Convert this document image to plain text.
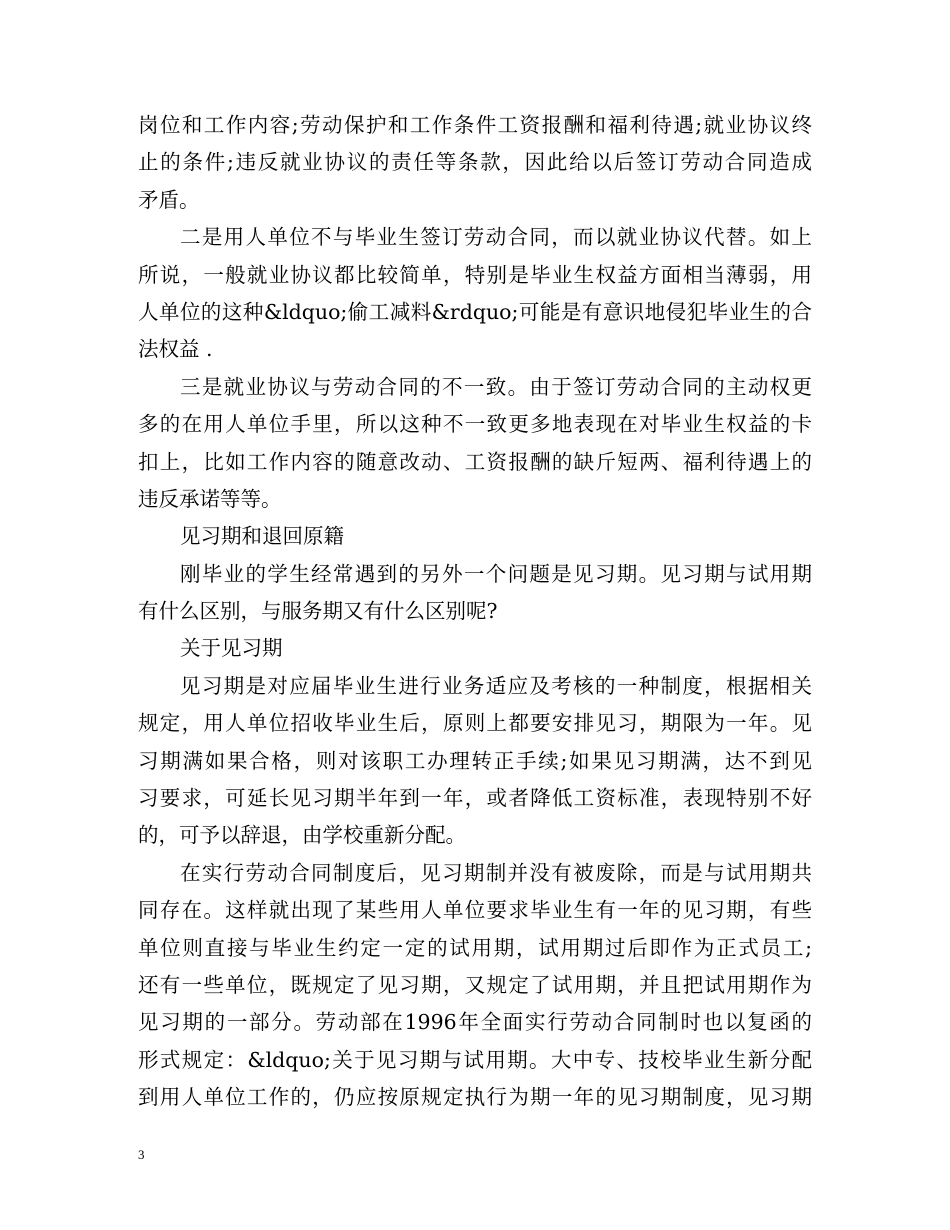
岗位和工作内容;劳动保护和工作条件工资报酬和福利待遇;就业协议终
止的条件;违反就业协议的责任等条款，因此给以后签订劳动合同造成
矛盾。
二是用人单位不与毕业生签订劳动合同，而以就业协议代替。如上
所说，一般就业协议都比较简单，特别是毕业生权益方面相当薄弱，用
人单位的这种&ldquo;偷工减料&rdquo;可能是有意识地侵犯毕业生的合
法权益 .
三是就业协议与劳动合同的不一致。由于签订劳动合同的主动权更
多的在用人单位手里，所以这种不一致更多地表现在对毕业生权益的卡
扣上，比如工作内容的随意改动、工资报酬的缺斤短两、福利待遇上的
违反承诺等等。
见习期和退回原籍
刚毕业的学生经常遇到的另外一个问题是见习期。见习期与试用期
有什么区别，与服务期又有什么区别呢?
关于见习期
见习期是对应届毕业生进行业务适应及考核的一种制度，根据相关
规定，用人单位招收毕业生后，原则上都要安排见习，期限为一年。见
习期满如果合格，则对该职工办理转正手续;如果见习期满，达不到见
习要求，可延长见习期半年到一年，或者降低工资标准，表现特别不好
的，可予以辞退，由学校重新分配。
在实行劳动合同制度后，见习期制并没有被废除，而是与试用期共
同存在。这样就出现了某些用人单位要求毕业生有一年的见习期，有些
单位则直接与毕业生约定一定的试用期，试用期过后即作为正式员工;
还有一些单位，既规定了见习期，又规定了试用期，并且把试用期作为
见习期的一部分。劳动部在1996年全面实行劳动合同制时也以复函的
形式规定：&ldquo;关于见习期与试用期。大中专、技校毕业生新分配
到用人单位工作的，仍应按原规定执行为期一年的见习期制度，见习期
3
